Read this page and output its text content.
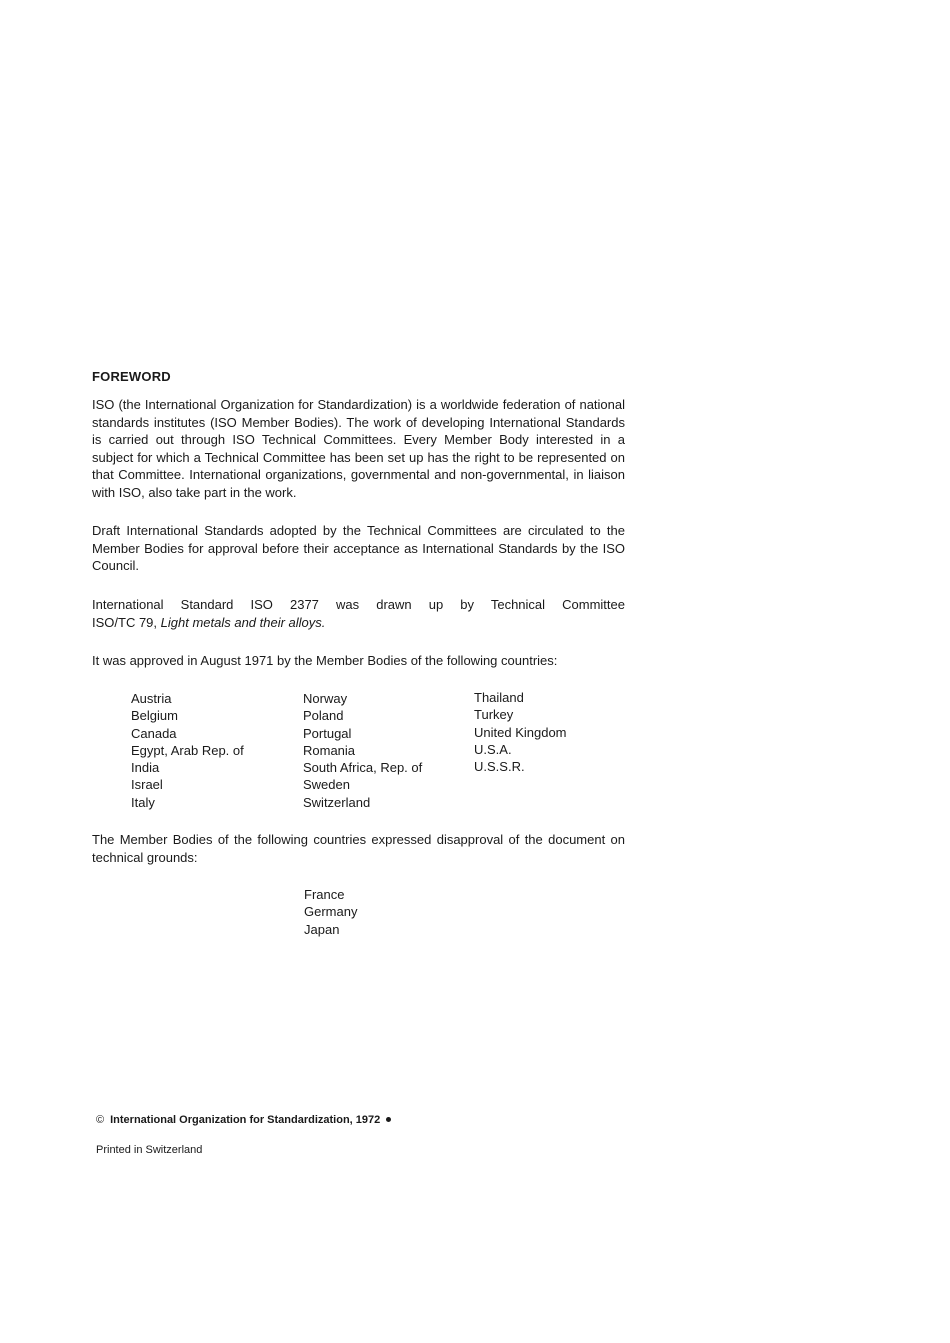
FOREWORD

ISO (the International Organization for Standardization) is a worldwide federation of national standards institutes (ISO Member Bodies). The work of developing International Standards is carried out through ISO Technical Committees. Every Member Body interested in a subject for which a Technical Committee has been set up has the right to be represented on that Committee. International organizations, governmental and non-governmental, in liaison with ISO, also take part in the work.

Draft International Standards adopted by the Technical Committees are circulated to the Member Bodies for approval before their acceptance as International Standards by the ISO Council.

International Standard ISO 2377 was drawn up by Technical Committee
ISO/TC 79, Light metals and their alloys.

It was approved in August 1971 by the Member Bodies of the following countries:

Austria
Belgium
Canada
Egypt, Arab Rep. of
India
Israel
Italy
Norway
Poland
Portugal
Romania
South Africa, Rep. of
Sweden
Switzerland
Thailand
Turkey
United Kingdom
U.S.A.
U.S.S.R.

The Member Bodies of the following countries expressed disapproval of the document on technical grounds:

France
Germany
Japan
© International Organization for Standardization, 1972
Printed in Switzerland
